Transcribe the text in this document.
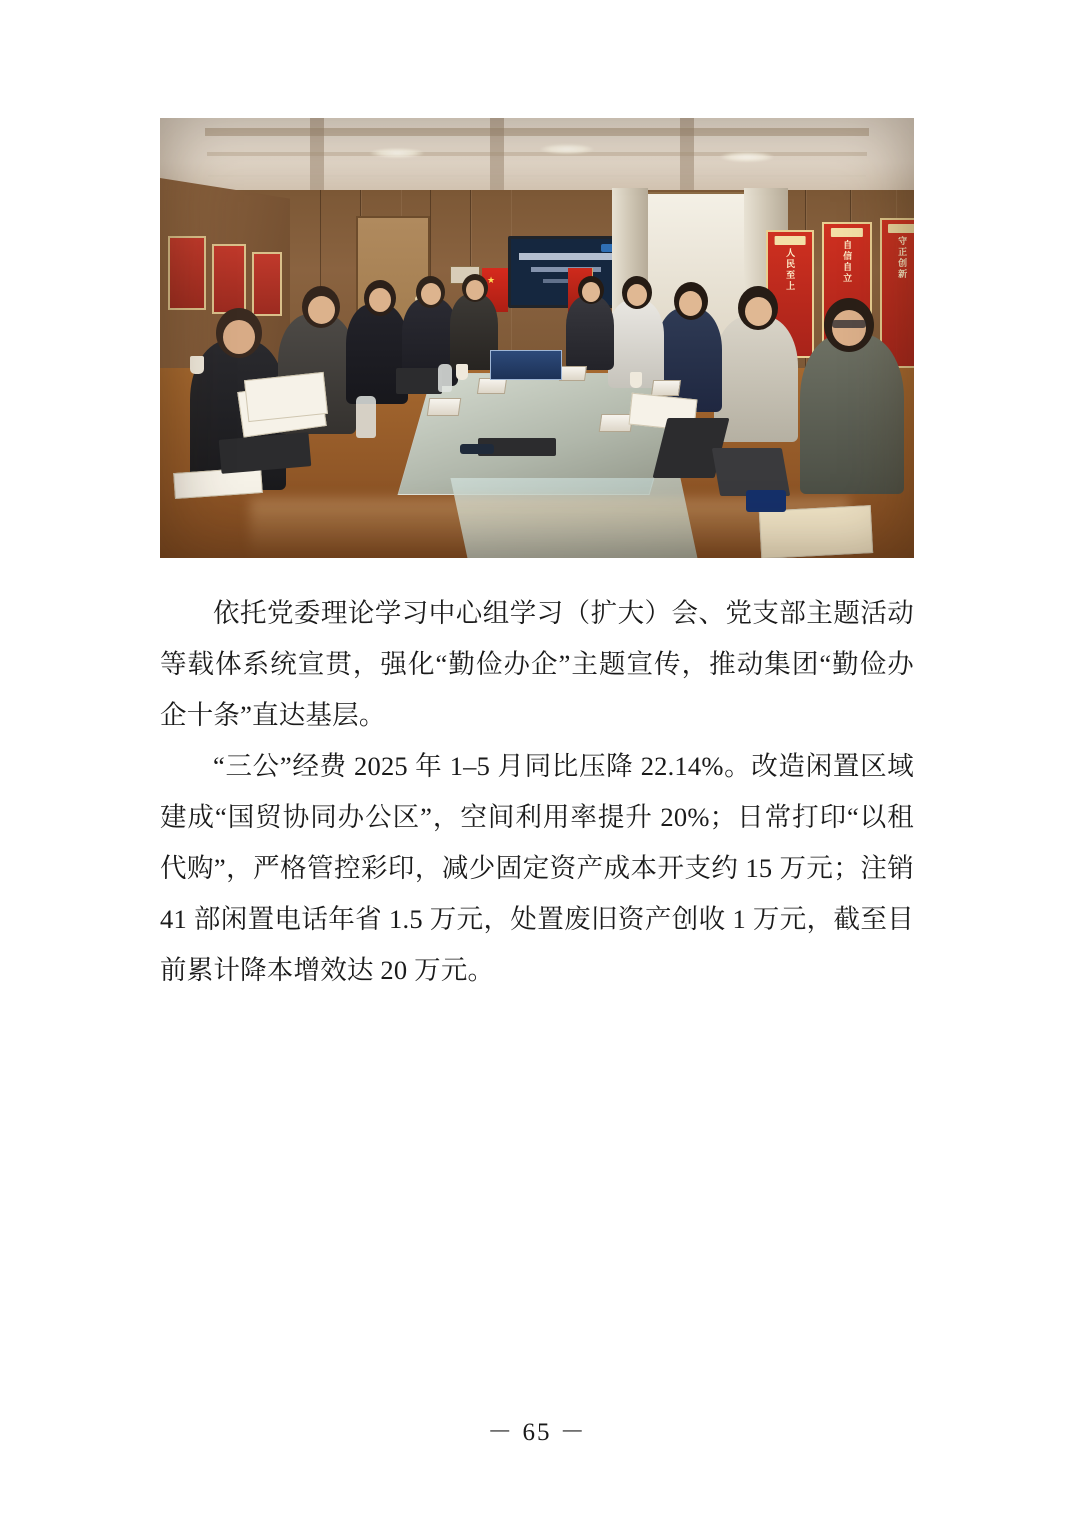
★	人民至上	自信自立	守正创新

依托党委理论学习中心组学习（扩大）会、党支部主题活动等载体系统宣贯，强化“勤俭办企”主题宣传，推动集团“勤俭办企十条”直达基层。

“三公”经费 2025 年 1–5 月同比压降 22.14%。改造闲置区域建成“国贸协同办公区”，空间利用率提升 20%；日常打印“以租代购”，严格管控彩印，减少固定资产成本开支约 15 万元；注销 41 部闲置电话年省 1.5 万元，处置废旧资产创收 1 万元，截至目前累计降本增效达 20 万元。

－ 65 －
